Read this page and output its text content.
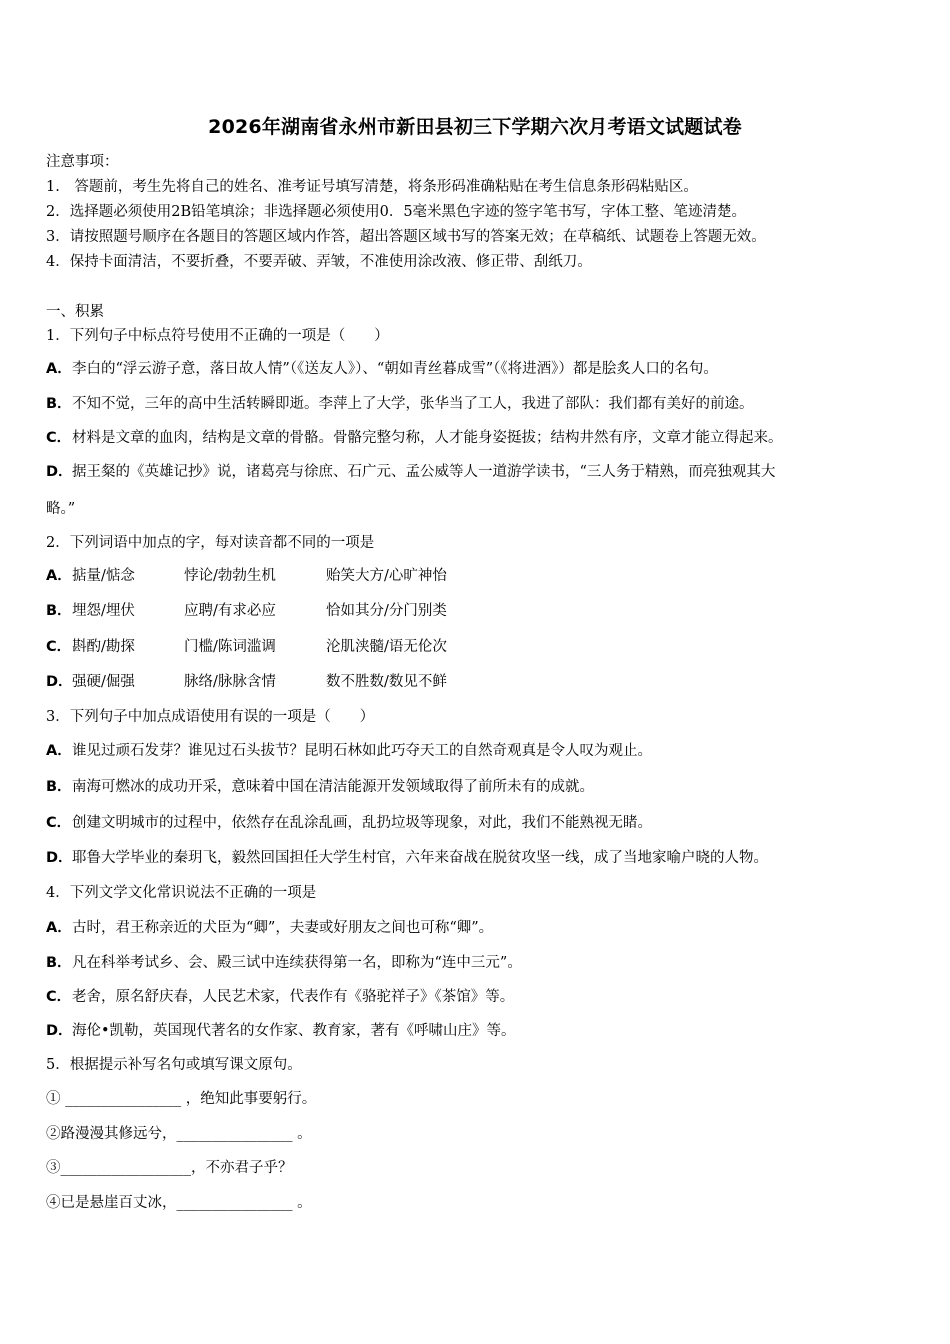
2026年湖南省永州市新田县初三下学期六次月考语文试题试卷
注意事项：
1.　答题前，考生先将自己的姓名、准考证号填写清楚，将条形码准确粘贴在考生信息条形码粘贴区。
2．选择题必须使用2B铅笔填涂；非选择题必须使用0．5毫米黑色字迹的签字笔书写，字体工整、笔迹清楚。
3．请按照题号顺序在各题目的答题区域内作答，超出答题区域书写的答案无效；在草稿纸、试题卷上答题无效。
4．保持卡面清洁，不要折叠，不要弄破、弄皱，不准使用涂改液、修正带、刮纸刀。
一、积累
1．下列句子中标点符号使用不正确的一项是（　　）
A．李白的“浮云游子意，落日故人情”（《送友人》）、“朝如青丝暮成雪”（《将进酒》）都是脍炙人口的名句。
B．不知不觉，三年的高中生活转瞬即逝。李萍上了大学，张华当了工人，我进了部队：我们都有美好的前途。
C．材料是文章的血肉，结构是文章的骨骼。骨骼完整匀称，人才能身姿挺拔；结构井然有序，文章才能立得起来。
D．据王粲的《英雄记抄》说，诸葛亮与徐庶、石广元、孟公威等人一道游学读书，“三人务于精熟，而亮独观其大
略。”
2．下列词语中加点的字，每对读音都不同的一项是
A．掂量/惦念	悖论/勃勃生机	贻笑大方/心旷神怡
B．埋怨/埋伏	应聘/有求必应	恰如其分/分门别类
C．斟酌/勘探	门槛/陈词滥调	沦肌浃髓/语无伦次
D．强硬/倔强	脉络/脉脉含情	数不胜数/数见不鲜
3．下列句子中加点成语使用有误的一项是（　　）
A．谁见过顽石发芽？谁见过石头拔节？昆明石林如此巧夺天工的自然奇观真是令人叹为观止。
B．南海可燃冰的成功开采，意味着中国在清洁能源开发领域取得了前所未有的成就。
C．创建文明城市的过程中，依然存在乱涂乱画，乱扔垃圾等现象，对此，我们不能熟视无睹。
D．耶鲁大学毕业的秦玥飞，毅然回国担任大学生村官，六年来奋战在脱贫攻坚一线，成了当地家喻户晓的人物。
4．下列文学文化常识说法不正确的一项是
A．古时，君王称亲近的犬臣为“卿”，夫妻或好朋友之间也可称“卿”。
B．凡在科举考试乡、会、殿三试中连续获得第一名，即称为“连中三元”。
C．老舍，原名舒庆春，人民艺术家，代表作有《骆驼祥子》《茶馆》等。
D．海伦•凯勒，英国现代著名的女作家、教育家，著有《呼啸山庄》等。
5．根据提示补写名句或填写课文原句。
① ________________ ，绝知此事要躬行。
②路漫漫其修远兮，________________ 。
③__________________，不亦君子乎？
④已是悬崖百丈冰，________________ 。
